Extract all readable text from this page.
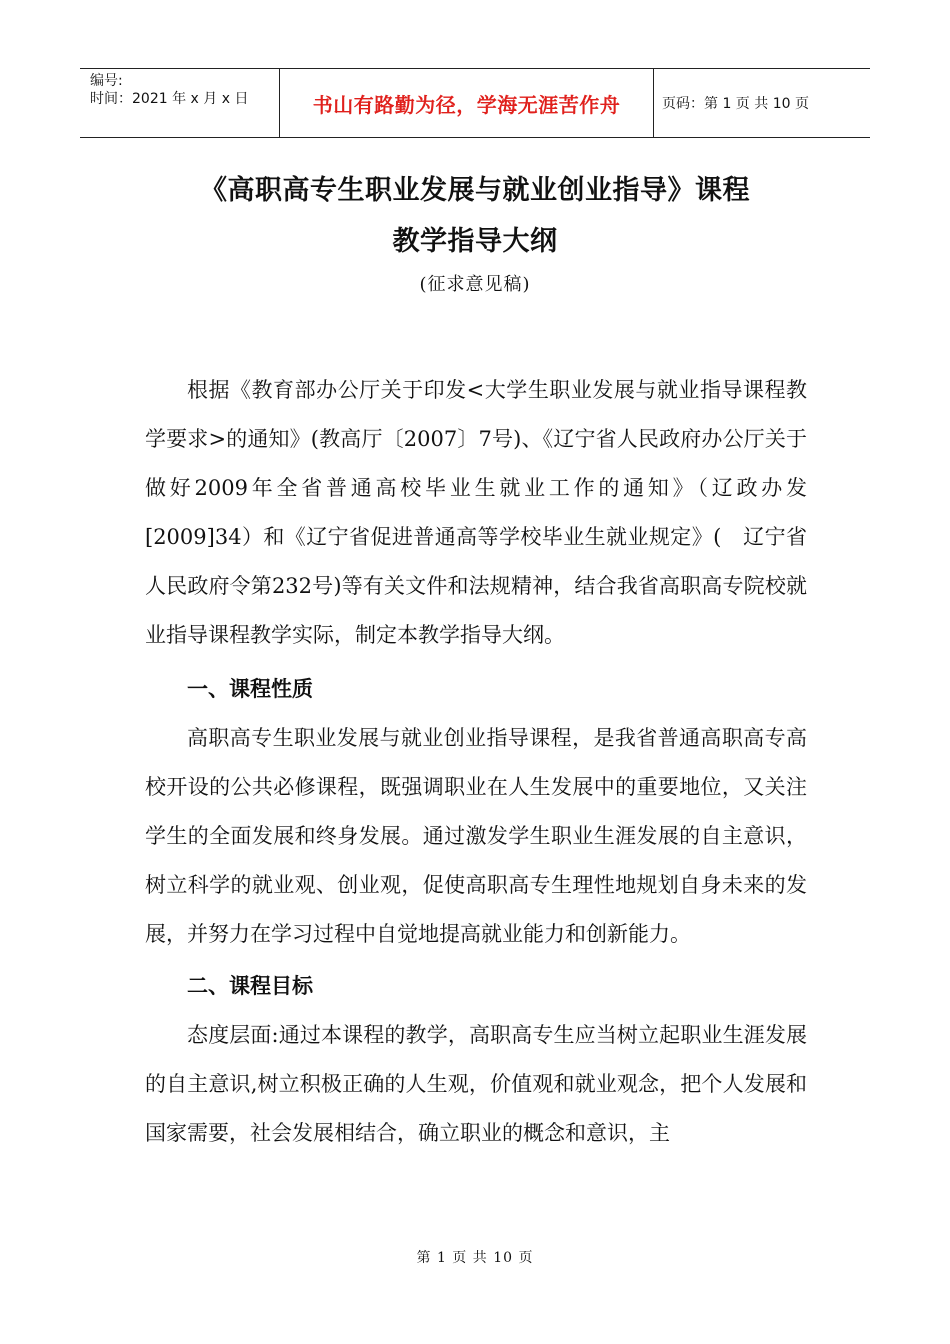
编号:
时间：2021 年 x 月 x 日	书山有路勤为径，学海无涯苦作舟	页码：第 1 页 共 10 页
《高职高专生职业发展与就业创业指导》课程
教学指导大纲
(征求意见稿)

根据《教育部办公厅关于印发<大学生职业发展与就业指导课程教学要求>的通知》(教高厅〔2007〕7号)、《辽宁省人民政府办公厅关于做好2009年全省普通高校毕业生就业工作的通知》（辽政办发[2009]34）和《辽宁省促进普通高等学校毕业生就业规定》(　辽宁省人民政府令第232号)等有关文件和法规精神，结合我省高职高专院校就业指导课程教学实际，制定本教学指导大纲。

一、课程性质

高职高专生职业发展与就业创业指导课程，是我省普通高职高专高校开设的公共必修课程，既强调职业在人生发展中的重要地位，又关注学生的全面发展和终身发展。通过激发学生职业生涯发展的自主意识，树立科学的就业观、创业观，促使高职高专生理性地规划自身未来的发展，并努力在学习过程中自觉地提高就业能力和创新能力。

二、课程目标

态度层面:通过本课程的教学，高职高专生应当树立起职业生涯发展的自主意识,树立积极正确的人生观，价值观和就业观念，把个人发展和国家需要，社会发展相结合，确立职业的概念和意识，主

第 1 页 共 10 页
